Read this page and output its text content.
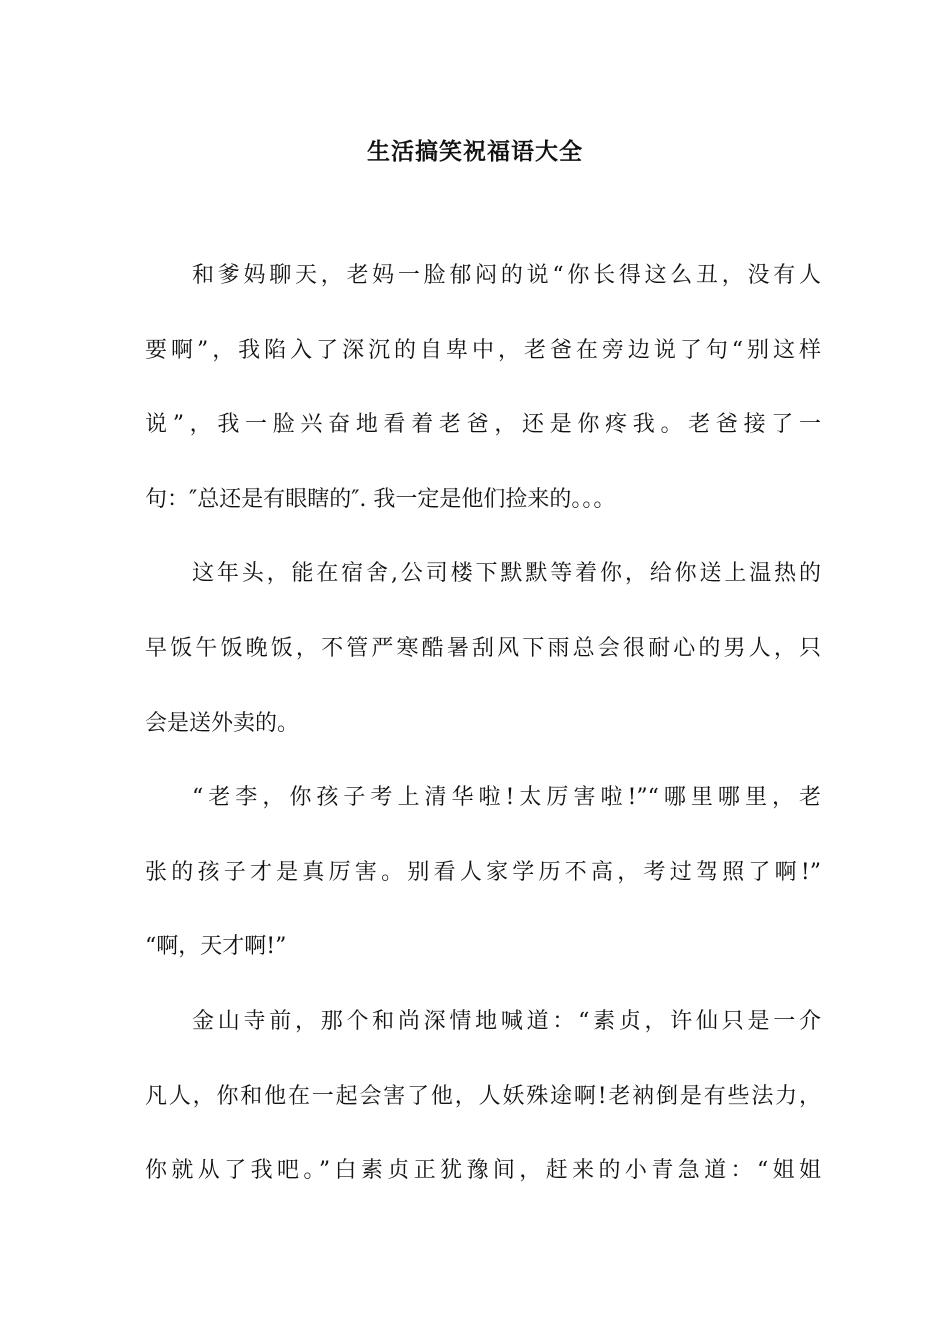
生活搞笑祝福语大全
和爹妈聊天，老妈一脸郁闷的说“你长得这么丑，没有人
要啊”，我陷入了深沉的自卑中，老爸在旁边说了句“别这样
说”，我一脸兴奋地看着老爸，还是你疼我。老爸接了一
句：″总还是有眼瞎的″. 我一定是他们捡来的。。。
这年头，能在宿舍,公司楼下默默等着你，给你送上温热的
早饭午饭晚饭，不管严寒酷暑刮风下雨总会很耐心的男人，只
会是送外卖的。
“老李，你孩子考上清华啦!太厉害啦!”“哪里哪里，老
张的孩子才是真厉害。别看人家学历不高，考过驾照了啊!”
“啊，天才啊!”
金山寺前，那个和尚深情地喊道：“素贞，许仙只是一介
凡人，你和他在一起会害了他，人妖殊途啊!老衲倒是有些法力，
你就从了我吧。”白素贞正犹豫间，赶来的小青急道：“姐姐
